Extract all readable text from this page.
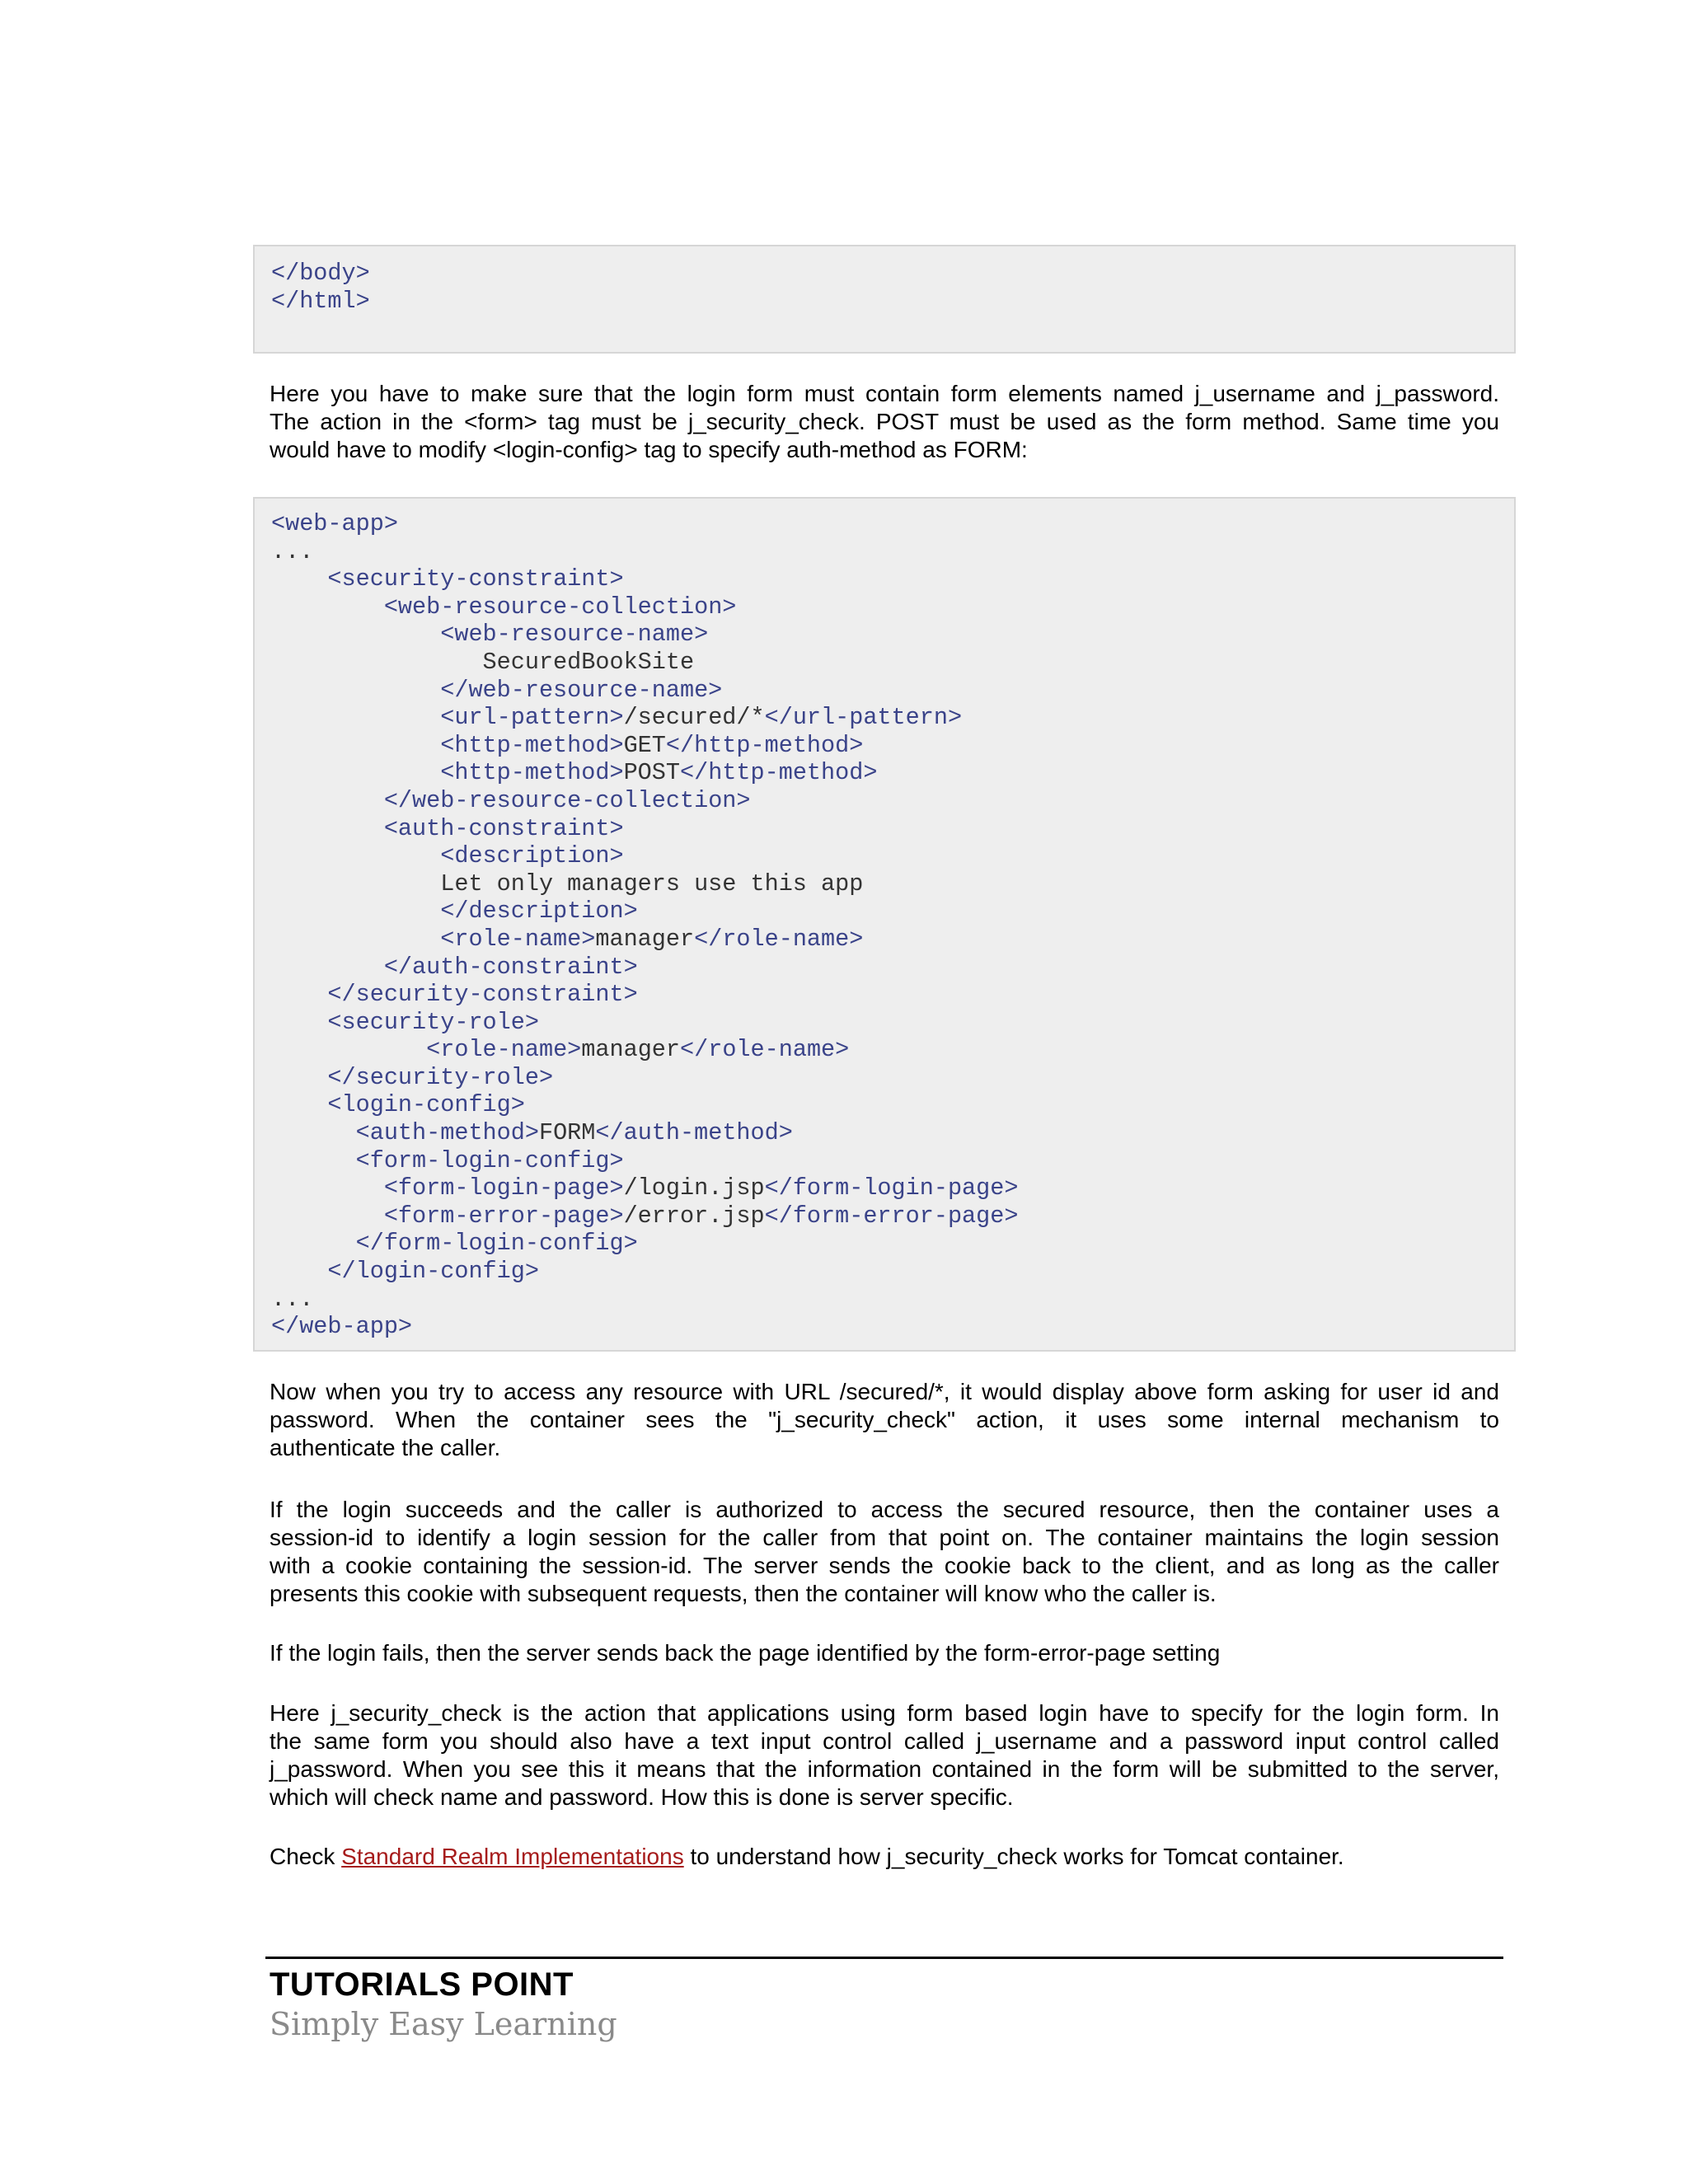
</body>
</html>

Here you have to make sure that the login form must contain form elements named j_username and j_password.
The action in the <form> tag must be j_security_check. POST must be used as the form method. Same time you
would have to modify <login-config> tag to specify auth-method as FORM:

<web-app>
...
<security-constraint>
<web-resource-collection>
<web-resource-name>
SecuredBookSite
</web-resource-name>
<url-pattern>/secured/*</url-pattern>
<http-method>GET</http-method>
<http-method>POST</http-method>
</web-resource-collection>
<auth-constraint>
<description>
Let only managers use this app
</description>
<role-name>manager</role-name>
</auth-constraint>
</security-constraint>
<security-role>
<role-name>manager</role-name>
</security-role>
<login-config>
<auth-method>FORM</auth-method>
<form-login-config>
<form-login-page>/login.jsp</form-login-page>
<form-error-page>/error.jsp</form-error-page>
</form-login-config>
</login-config>
...
</web-app>

Now when you try to access any resource with URL /secured/*, it would display above form asking for user id and
password. When the container sees the "j_security_check" action, it uses some internal mechanism to
authenticate the caller.

If the login succeeds and the caller is authorized to access the secured resource, then the container uses a
session-id to identify a login session for the caller from that point on. The container maintains the login session
with a cookie containing the session-id. The server sends the cookie back to the client, and as long as the caller
presents this cookie with subsequent requests, then the container will know who the caller is.

If the login fails, then the server sends back the page identified by the form-error-page setting

Here j_security_check is the action that applications using form based login have to specify for the login form. In
the same form you should also have a text input control called j_username and a password input control called
j_password. When you see this it means that the information contained in the form will be submitted to the server,
which will check name and password. How this is done is server specific.

Check Standard Realm Implementations to understand how j_security_check works for Tomcat container.

TUTORIALS POINT
Simply Easy Learning
